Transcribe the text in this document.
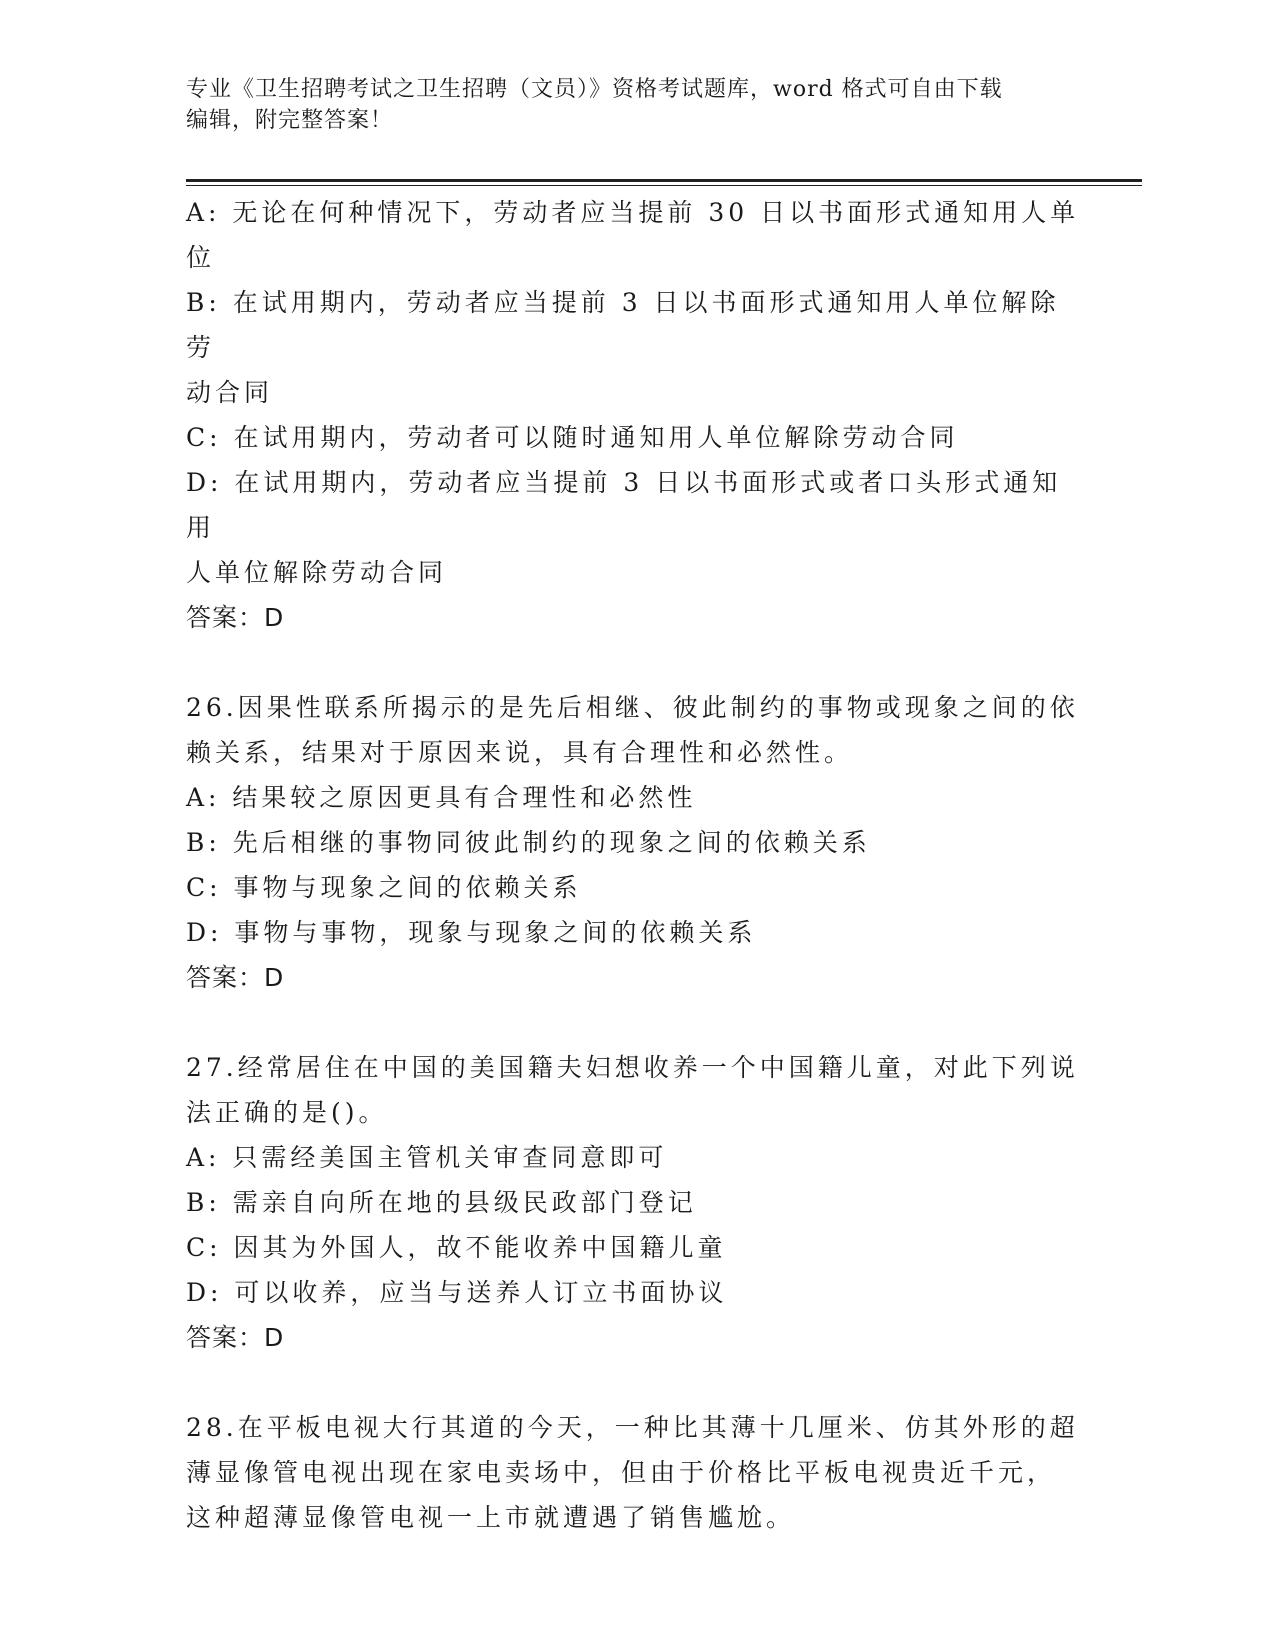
专业《卫生招聘考试之卫生招聘（文员）》资格考试题库，word 格式可自由下载
编辑，附完整答案！
A: 无论在何种情况下，劳动者应当提前 30 日以书面形式通知用人单
位
B: 在试用期内，劳动者应当提前 3 日以书面形式通知用人单位解除劳
动合同
C: 在试用期内，劳动者可以随时通知用人单位解除劳动合同
D: 在试用期内，劳动者应当提前 3 日以书面形式或者口头形式通知用
人单位解除劳动合同
答案：D
26.因果性联系所揭示的是先后相继、彼此制约的事物或现象之间的依
赖关系，结果对于原因来说，具有合理性和必然性。
A: 结果较之原因更具有合理性和必然性
B: 先后相继的事物同彼此制约的现象之间的依赖关系
C: 事物与现象之间的依赖关系
D: 事物与事物，现象与现象之间的依赖关系
答案：D
27.经常居住在中国的美国籍夫妇想收养一个中国籍儿童，对此下列说
法正确的是()。
A: 只需经美国主管机关审查同意即可
B: 需亲自向所在地的县级民政部门登记
C: 因其为外国人，故不能收养中国籍儿童
D: 可以收养，应当与送养人订立书面协议
答案：D
28.在平板电视大行其道的今天，一种比其薄十几厘米、仿其外形的超
薄显像管电视出现在家电卖场中，但由于价格比平板电视贵近千元，
这种超薄显像管电视一上市就遭遇了销售尴尬。
